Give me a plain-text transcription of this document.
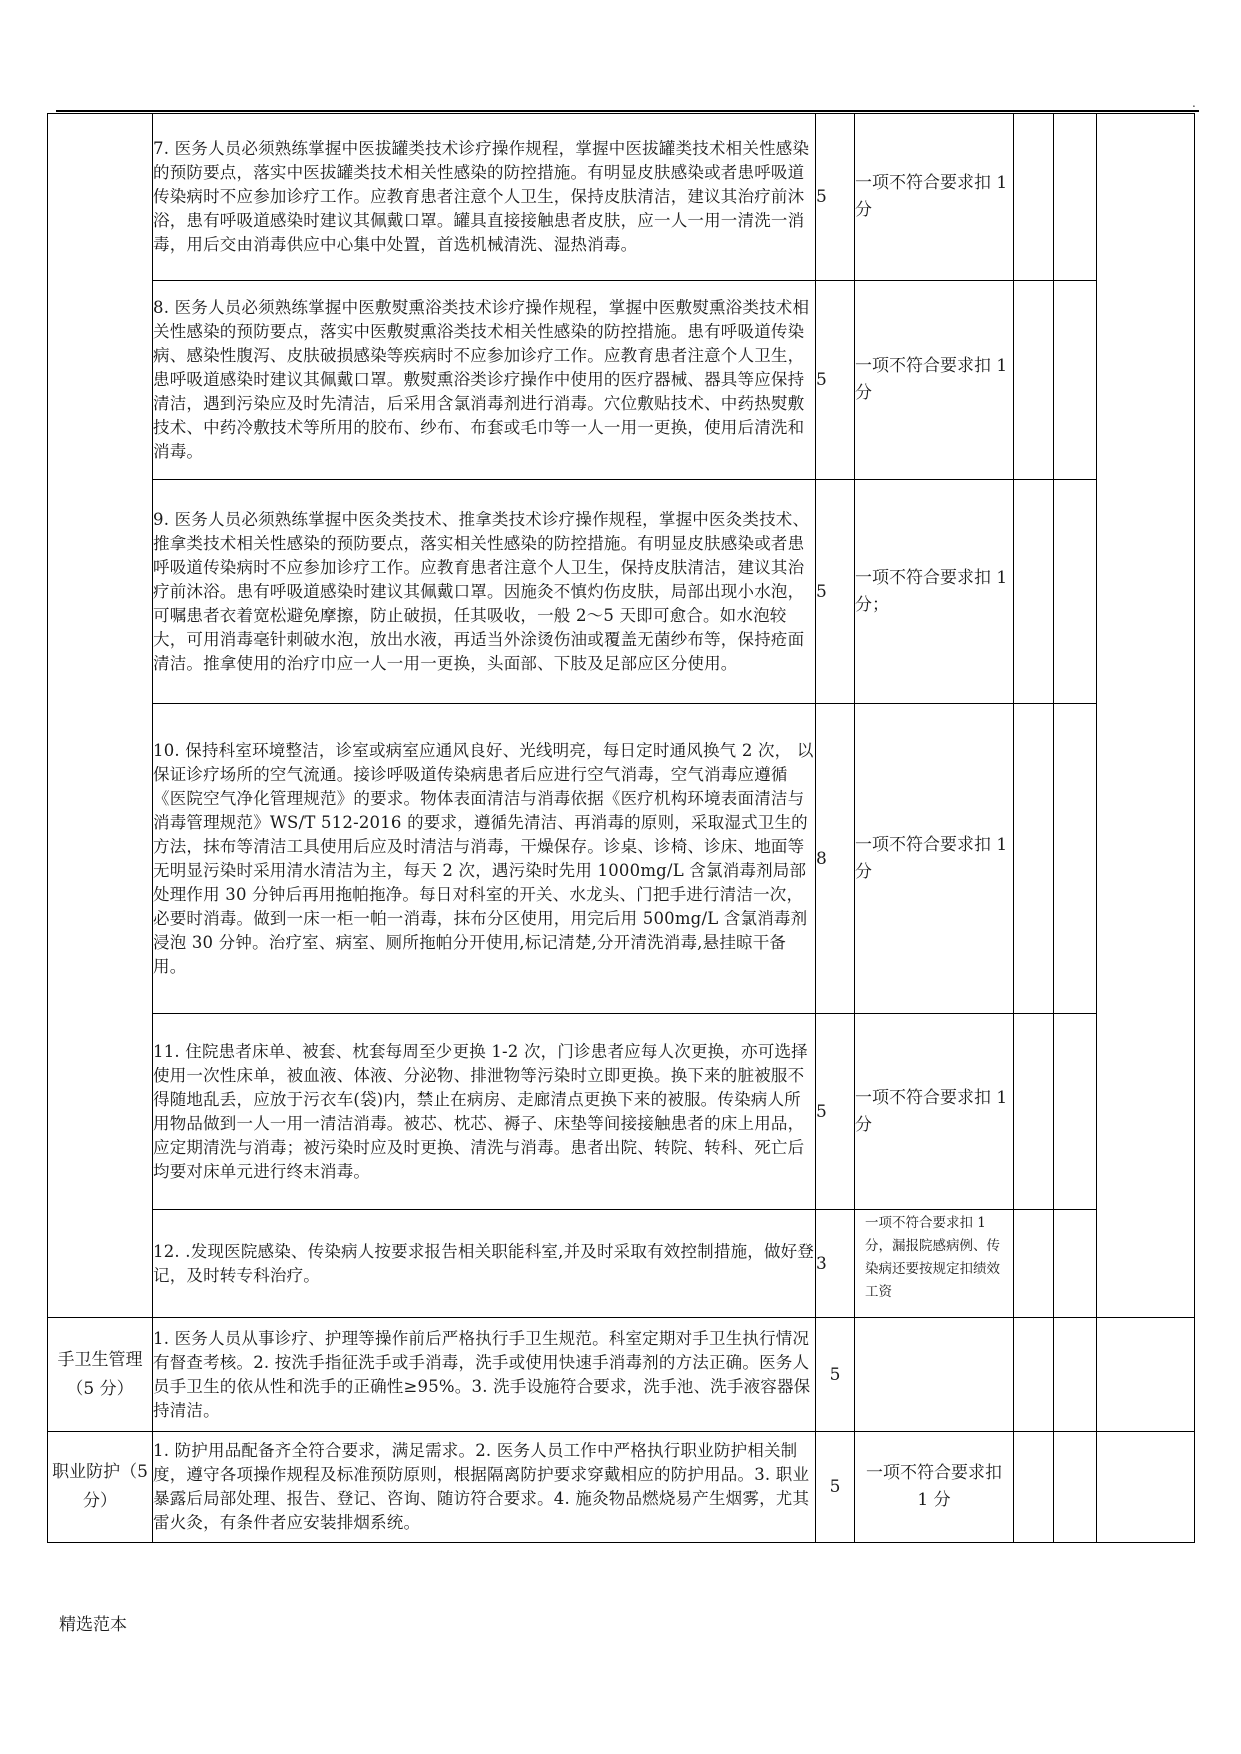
.
	7. 医务人员必须熟练掌握中医拔罐类技术诊疗操作规程，掌握中医拔罐类技术相关性感染的预防要点，落实中医拔罐类技术相关性感染的防控措施。有明显皮肤感染或者患呼吸道传染病时不应参加诊疗工作。应教育患者注意个人卫生，保持皮肤清洁，建议其治疗前沐浴，患有呼吸道感染时建议其佩戴口罩。罐具直接接触患者皮肤，应一人一用一清洗一消毒，用后交由消毒供应中心集中处置，首选机械清洗、湿热消毒。	5	一项不符合要求扣 1 分			
	8. 医务人员必须熟练掌握中医敷熨熏浴类技术诊疗操作规程，掌握中医敷熨熏浴类技术相关性感染的预防要点，落实中医敷熨熏浴类技术相关性感染的防控措施。患有呼吸道传染病、感染性腹泻、皮肤破损感染等疾病时不应参加诊疗工作。应教育患者注意个人卫生，患呼吸道感染时建议其佩戴口罩。敷熨熏浴类诊疗操作中使用的医疗器械、器具等应保持清洁，遇到污染应及时先清洁，后采用含氯消毒剂进行消毒。穴位敷贴技术、中药热熨敷技术、中药冷敷技术等所用的胶布、纱布、布套或毛巾等一人一用一更换，使用后清洗和消毒。	5	一项不符合要求扣 1 分			
	9. 医务人员必须熟练掌握中医灸类技术、推拿类技术诊疗操作规程，掌握中医灸类技术、推拿类技术相关性感染的预防要点，落实相关性感染的防控措施。有明显皮肤感染或者患呼吸道传染病时不应参加诊疗工作。应教育患者注意个人卫生，保持皮肤清洁，建议其治疗前沐浴。患有呼吸道感染时建议其佩戴口罩。因施灸不慎灼伤皮肤，局部出现小水泡，可嘱患者衣着宽松避免摩擦，防止破损，任其吸收，一般 2～5 天即可愈合。如水泡较大，可用消毒毫针刺破水泡，放出水液，再适当外涂烫伤油或覆盖无菌纱布等，保持疮面清洁。推拿使用的治疗巾应一人一用一更换，头面部、下肢及足部应区分使用。	5	一项不符合要求扣 1 分；			
	10. 保持科室环境整洁，诊室或病室应通风良好、光线明亮，每日定时通风换气 2 次， 以保证诊疗场所的空气流通。接诊呼吸道传染病患者后应进行空气消毒，空气消毒应遵循《医院空气净化管理规范》的要求。物体表面清洁与消毒依据《医疗机构环境表面清洁与消毒管理规范》WS/T 512-2016 的要求，遵循先清洁、再消毒的原则，采取湿式卫生的方法，抹布等清洁工具使用后应及时清洁与消毒，干燥保存。诊桌、诊椅、诊床、地面等无明显污染时采用清水清洁为主，每天 2 次，遇污染时先用 1000mg/L 含氯消毒剂局部处理作用 30 分钟后再用拖帕拖净。每日对科室的开关、水龙头、门把手进行清洁一次，必要时消毒。做到一床一柜一帕一消毒，抹布分区使用，用完后用 500mg/L 含氯消毒剂浸泡 30 分钟。治疗室、病室、厕所拖帕分开使用,标记清楚,分开清洗消毒,悬挂晾干备用。	8	一项不符合要求扣 1 分			
	11. 住院患者床单、被套、枕套每周至少更换 1-2 次，门诊患者应每人次更换，亦可选择使用一次性床单，被血液、体液、分泌物、排泄物等污染时立即更换。换下来的脏被服不得随地乱丢，应放于污衣车(袋)内，禁止在病房、走廊清点更换下来的被服。传染病人所用物品做到一人一用一清洁消毒。被芯、枕芯、褥子、床垫等间接接触患者的床上用品，应定期清洗与消毒；被污染时应及时更换、清洗与消毒。患者出院、转院、转科、死亡后均要对床单元进行终末消毒。	5	一项不符合要求扣 1 分			
	12. .发现医院感染、传染病人按要求报告相关职能科室,并及时采取有效控制措施，做好登记，及时转专科治疗。	3	一项不符合要求扣 1 分，漏报院感病例、传染病还要按规定扣绩效工资			
手卫生管理（5 分）	1. 医务人员从事诊疗、护理等操作前后严格执行手卫生规范。科室定期对手卫生执行情况有督查考核。2. 按洗手指征洗手或手消毒，洗手或使用快速手消毒剂的方法正确。医务人员手卫生的依从性和洗手的正确性≥95%。3. 洗手设施符合要求，洗手池、洗手液容器保持清洁。	5				
职业防护（5 分）	1. 防护用品配备齐全符合要求，满足需求。2. 医务人员工作中严格执行职业防护相关制度，遵守各项操作规程及标准预防原则，根据隔离防护要求穿戴相应的防护用品。3. 职业暴露后局部处理、报告、登记、咨询、随访符合要求。4. 施灸物品燃烧易产生烟雾，尤其雷火灸，有条件者应安装排烟系统。	5	一项不符合要求扣 1 分			
精选范本
